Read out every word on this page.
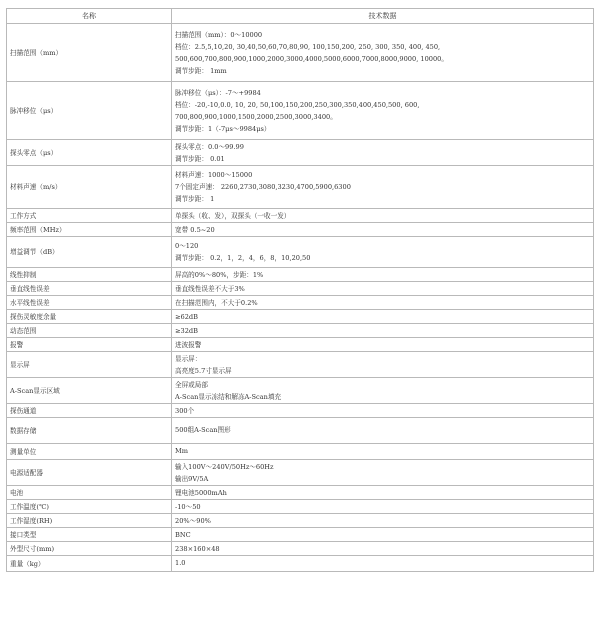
名称	技术数据
扫描范围（mm）	扫描范围（mm）：0～10000
档位：2.5,5,10,20, 30,40,50,60,70,80,90, 100,150,200, 250, 300, 350, 400, 450,
500,600,700,800,900,1000,2000,3000,4000,5000,6000,7000,8000,9000, 10000。
调节步距： 1mm

脉冲移位（μs）	脉冲移位（μs）：-7～+9984
档位：-20,-10,0.0, 10, 20, 50,100,150,200,250,300,350,400,450,500, 600,
700,800,900,1000,1500,2000,2500,3000,3400。
调节步距：1（-7μs～9984μs）

探头零点（μs）	探头零点：0.0～99.99
调节步距： 0.01

材料声速（m/s）	材料声速：1000～15000
7个固定声速： 2260,2730,3080,3230,4700,5900,6300
调节步距： 1

工作方式	单探头（收、发），双探头（一收一发）

频率范围（MHz）	宽带 0.5~20

增益调节（dB）	0～120
调节步距： 0.2，1，2，4，6，8，10,20,50

线性抑制	屏高的0%～80%，步距：1%

垂直线性误差	垂直线性误差不大于3%

水平线性误差	在扫描范围内，不大于0.2%

探伤灵敏度余量	≥62dB

动态范围	≥32dB

报警	进波报警

显示屏	显示屏：
高亮度5.7寸显示屏

A-Scan显示区域	全屏或局部
A-Scan显示冻结和解冻A-Scan填充

探伤通道	300个

数据存储	500组A-Scan图形

测量单位	Mm

电源适配器	输入100V～240V/50Hz～60Hz
输出9V/5A

电池	锂电池5000mAh

工作温度(℃)	-10～50

工作湿度(RH)	20%～90%

接口类型	BNC

外型尺寸(mm)	238×160×48

重量（kg）	1.0
